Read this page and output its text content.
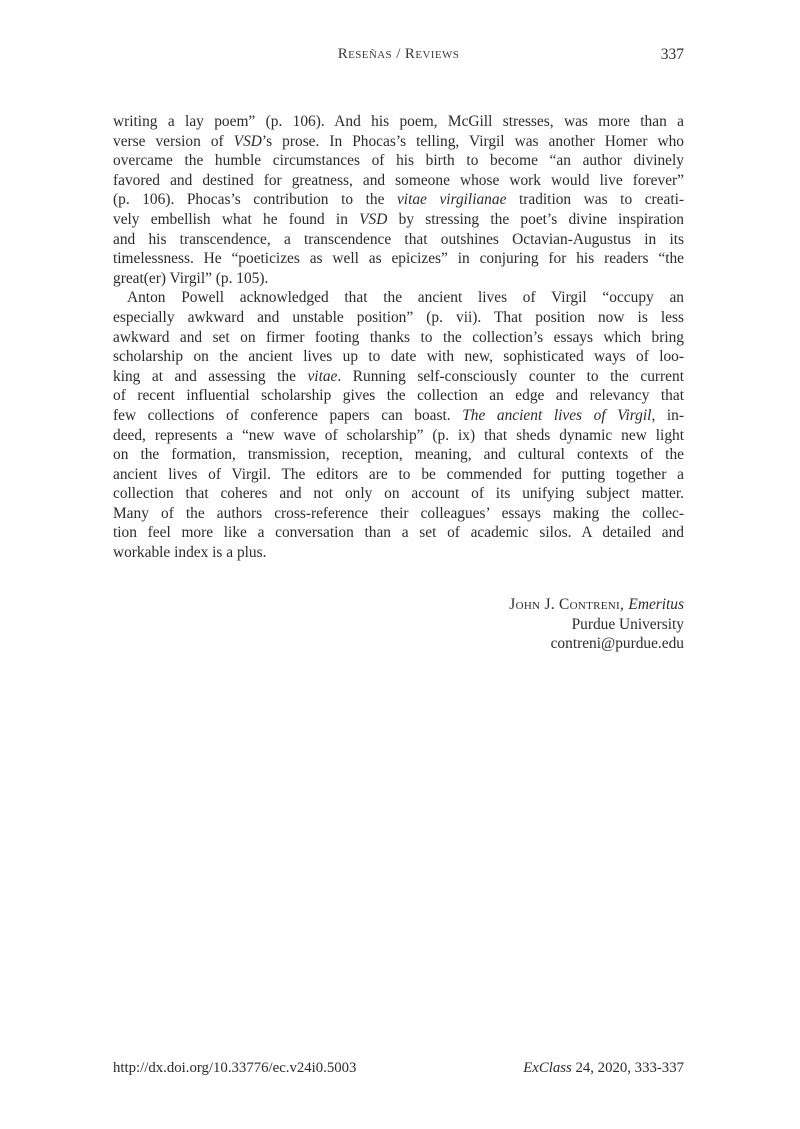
Reseñas / Reviews	337
writing a lay poem” (p. 106). And his poem, McGill stresses, was more than a
verse version of VSD’s prose. In Phocas’s telling, Virgil was another Homer who
overcame the humble circumstances of his birth to become “an author divinely
favored and destined for greatness, and someone whose work would live forever”
(p. 106). Phocas’s contribution to the vitae virgilianae tradition was to creati-
vely embellish what he found in VSD by stressing the poet’s divine inspiration
and his transcendence, a transcendence that outshines Octavian-Augustus in its
timelessness. He “poeticizes as well as epicizes” in conjuring for his readers “the
great(er) Virgil” (p. 105).
Anton Powell acknowledged that the ancient lives of Virgil “occupy an
especially awkward and unstable position” (p. vii). That position now is less
awkward and set on firmer footing thanks to the collection’s essays which bring
scholarship on the ancient lives up to date with new, sophisticated ways of loo-
king at and assessing the vitae. Running self-consciously counter to the current
of recent influential scholarship gives the collection an edge and relevancy that
few collections of conference papers can boast. The ancient lives of Virgil, in-
deed, represents a “new wave of scholarship” (p. ix) that sheds dynamic new light
on the formation, transmission, reception, meaning, and cultural contexts of the
ancient lives of Virgil. The editors are to be commended for putting together a
collection that coheres and not only on account of its unifying subject matter.
Many of the authors cross-reference their colleagues’ essays making the collec-
tion feel more like a conversation than a set of academic silos. A detailed and
workable index is a plus.
John J. Contreni, Emeritus
Purdue University
contreni@purdue.edu
http://dx.doi.org/10.33776/ec.v24i0.5003	ExClass 24, 2020, 333-337
